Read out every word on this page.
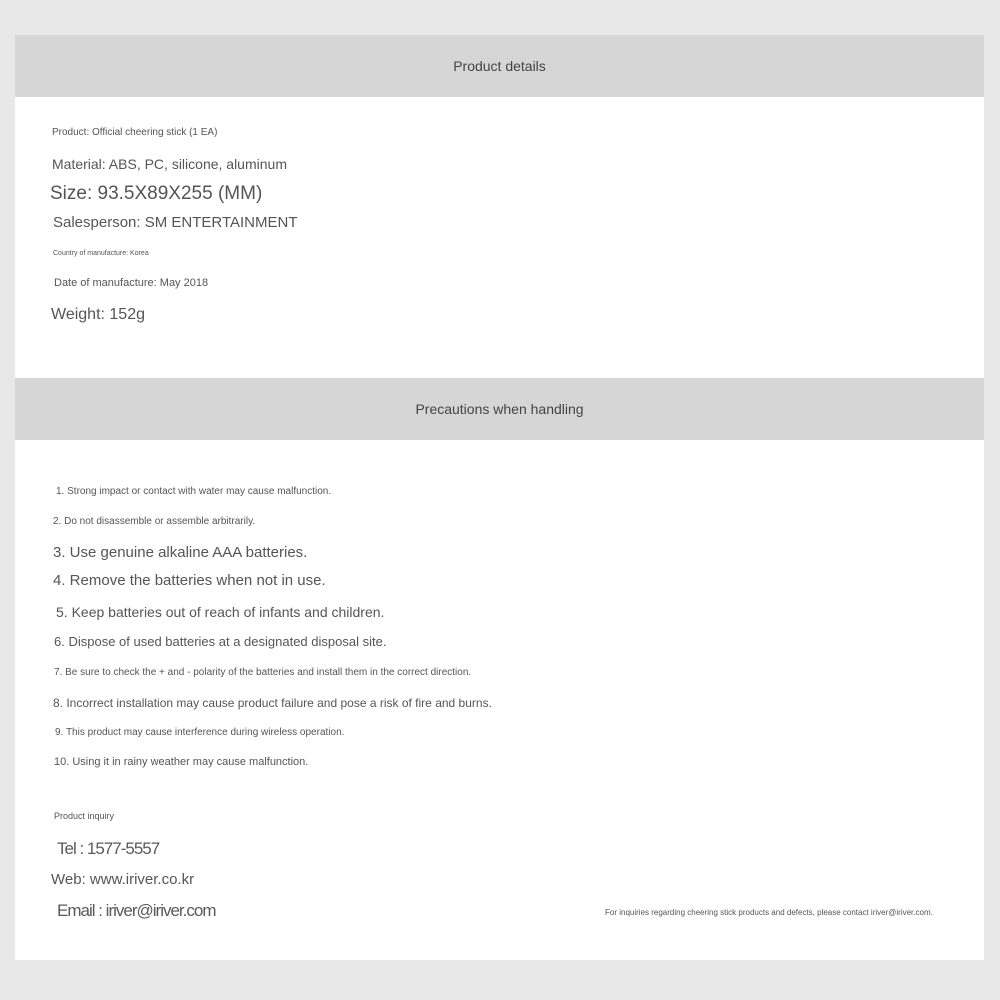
Product details
Product: Official cheering stick (1 EA)
Material: ABS, PC, silicone, aluminum
Size: 93.5X89X255 (MM)
Salesperson: SM ENTERTAINMENT
Country of manufacture: Korea
Date of manufacture: May 2018
Weight: 152g
Precautions when handling
1. Strong impact or contact with water may cause malfunction.
2. Do not disassemble or assemble arbitrarily.
3. Use genuine alkaline AAA batteries.
4. Remove the batteries when not in use.
5. Keep batteries out of reach of infants and children.
6. Dispose of used batteries at a designated disposal site.
7. Be sure to check the + and - polarity of the batteries and install them in the correct direction.
8. Incorrect installation may cause product failure and pose a risk of fire and burns.
9. This product may cause interference during wireless operation.
10. Using it in rainy weather may cause malfunction.
Product inquiry
Tel : 1577-5557
Web: www.iriver.co.kr
Email : iriver@iriver.com	For inquiries regarding cheering stick products and defects, please contact iriver@iriver.com.
